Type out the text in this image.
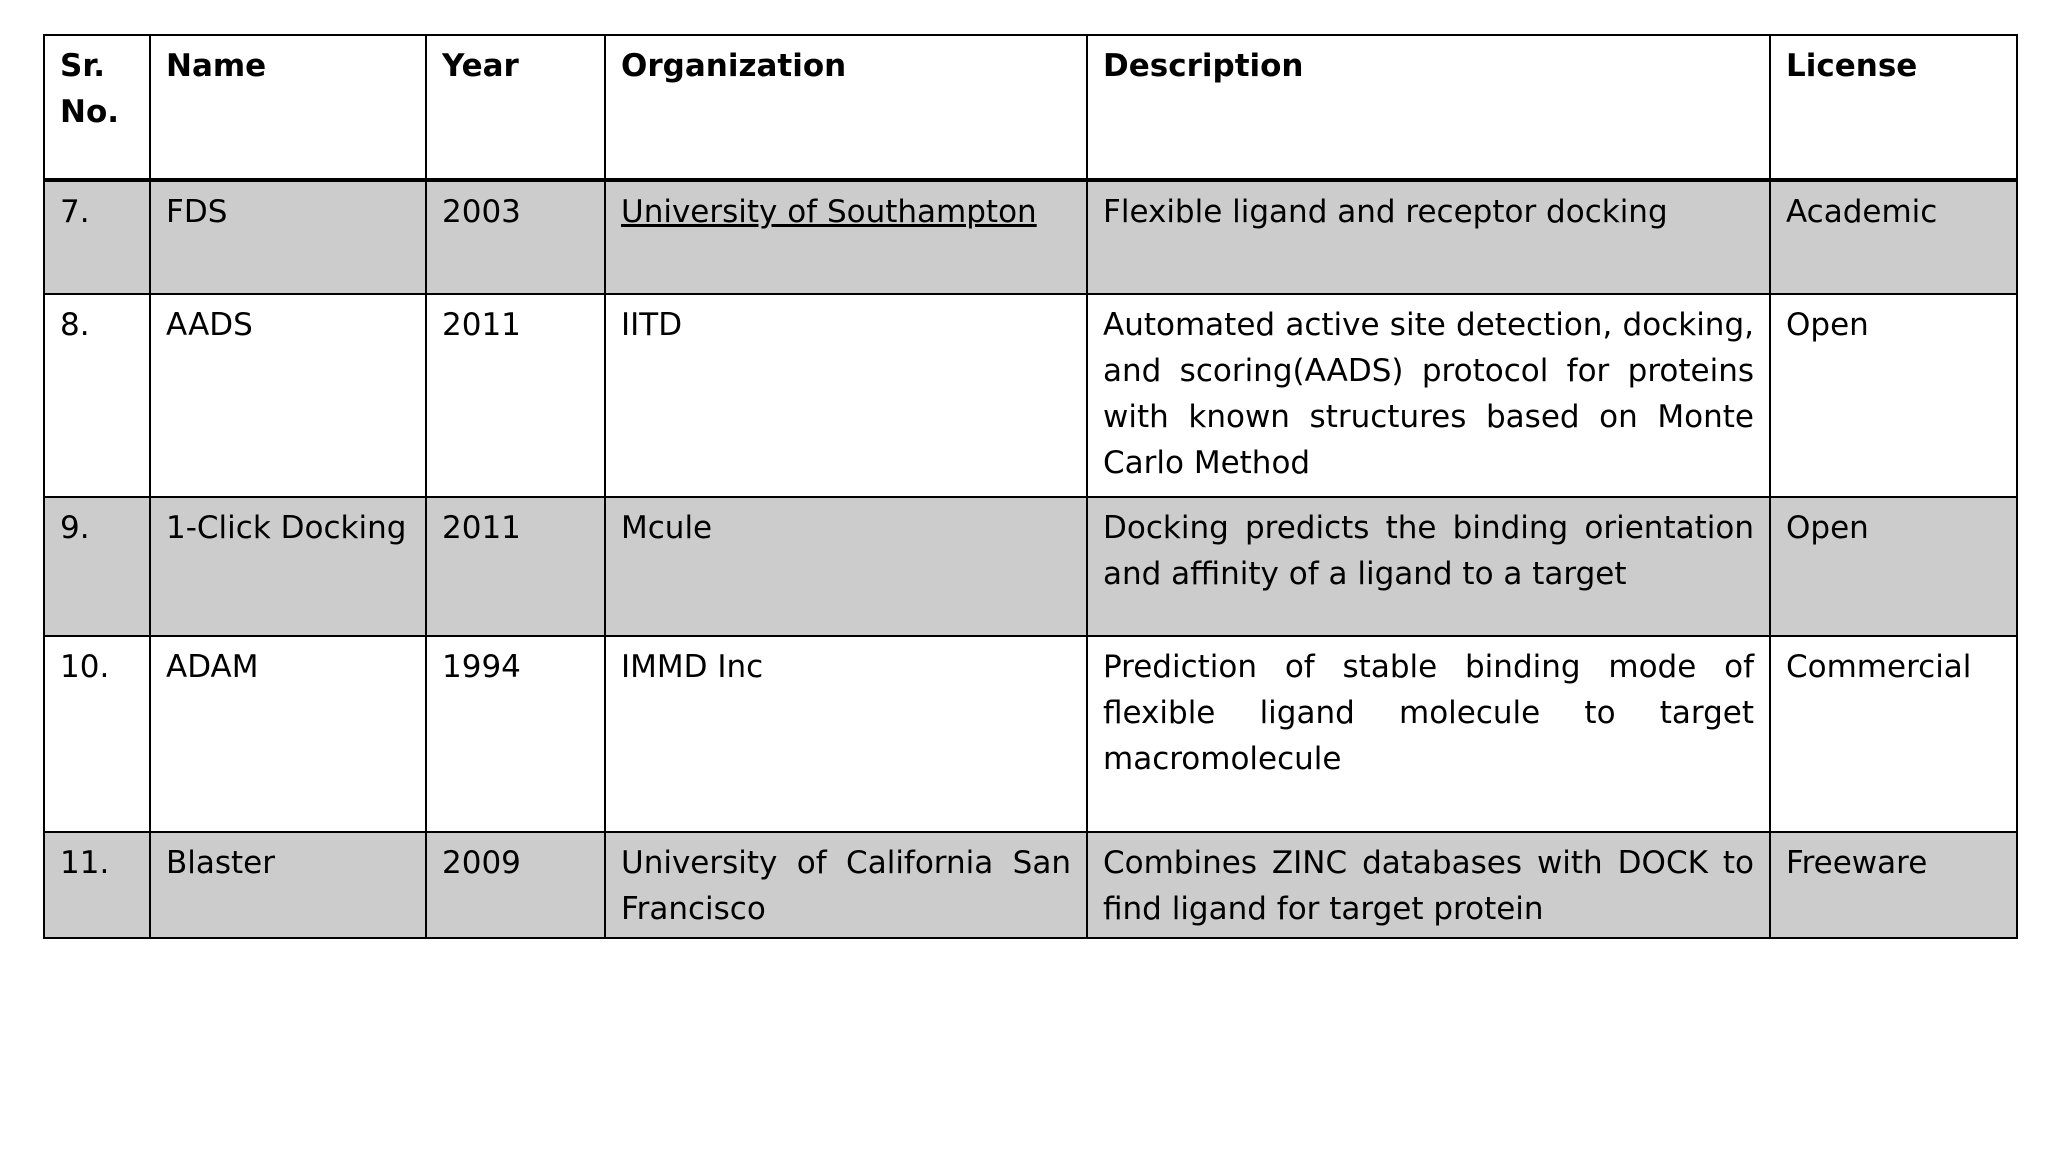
Sr. No.	Name	Year	Organization	Description	License
7.	FDS	2003	University of Southampton	Flexible ligand and receptor docking	Academic
8.	AADS	2011	IITD	Automated active site detection, docking, and scoring(AADS) protocol for proteins with known structures based on Monte Carlo Method	Open
9.	1-Click Docking	2011	Mcule	Docking predicts the binding orientation and affinity of a ligand to a target	Open
10.	ADAM	1994	IMMD Inc	Prediction of stable binding mode of flexible ligand molecule to target macromolecule	Commercial
11.	Blaster	2009	University of California San Francisco	Combines ZINC databases with DOCK to find ligand for target protein	Freeware
